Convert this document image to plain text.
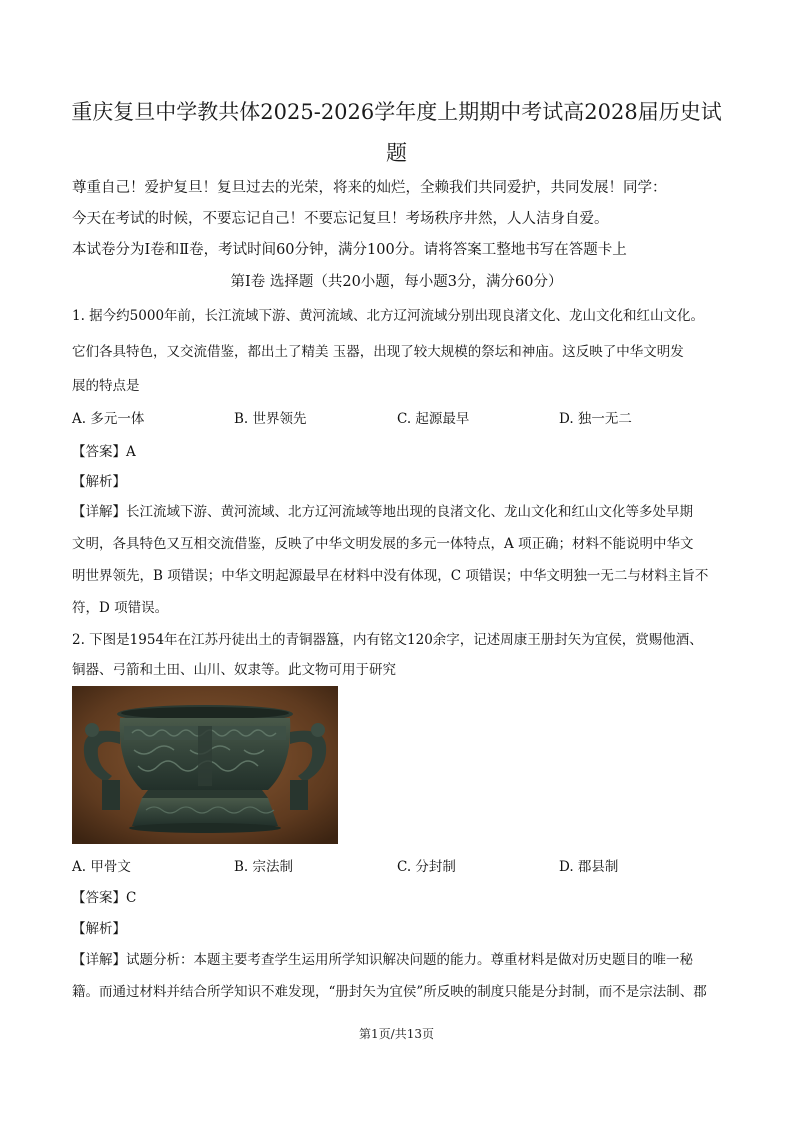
重庆复旦中学教共体2025-2026学年度上期期中考试高2028届历史试
题
尊重自己！爱护复旦！复旦过去的光荣，将来的灿烂，全赖我们共同爱护，共同发展！同学：
今天在考试的时候，不要忘记自己！不要忘记复旦！考场秩序井然，人人洁身自爱。
本试卷分为Ⅰ卷和Ⅱ卷，考试时间60分钟，满分100分。请将答案工整地书写在答题卡上
第Ⅰ卷 选择题（共20小题，每小题3分，满分60分）
1. 据今约5000年前，长江流域下游、黄河流域、北方辽河流域分别出现良渚文化、龙山文化和红山文化。
它们各具特色，又交流借鉴，都出土了精美 玉器，出现了较大规模的祭坛和神庙。这反映了中华文明发
展的特点是
A. 多元一体	B. 世界领先	C. 起源最早	D. 独一无二
【答案】A
【解析】
【详解】长江流域下游、黄河流域、北方辽河流域等地出现的良渚文化、龙山文化和红山文化等多处早期
文明，各具特色又互相交流借鉴，反映了中华文明发展的多元一体特点，A 项正确；材料不能说明中华文
明世界领先，B 项错误；中华文明起源最早在材料中没有体现，C 项错误；中华文明独一无二与材料主旨不
符，D 项错误。
2. 下图是1954年在江苏丹徒出土的青铜器簋，内有铭文120余字，记述周康王册封矢为宜侯，赏赐他酒、
铜器、弓箭和土田、山川、奴隶等。此文物可用于研究
A. 甲骨文	B. 宗法制	C. 分封制	D. 郡县制
【答案】C
【解析】
【详解】试题分析：本题主要考查学生运用所学知识解决问题的能力。尊重材料是做对历史题目的唯一秘
籍。而通过材料并结合所学知识不难发现，“册封矢为宜侯”所反映的制度只能是分封制，而不是宗法制、郡
第1页/共13页
